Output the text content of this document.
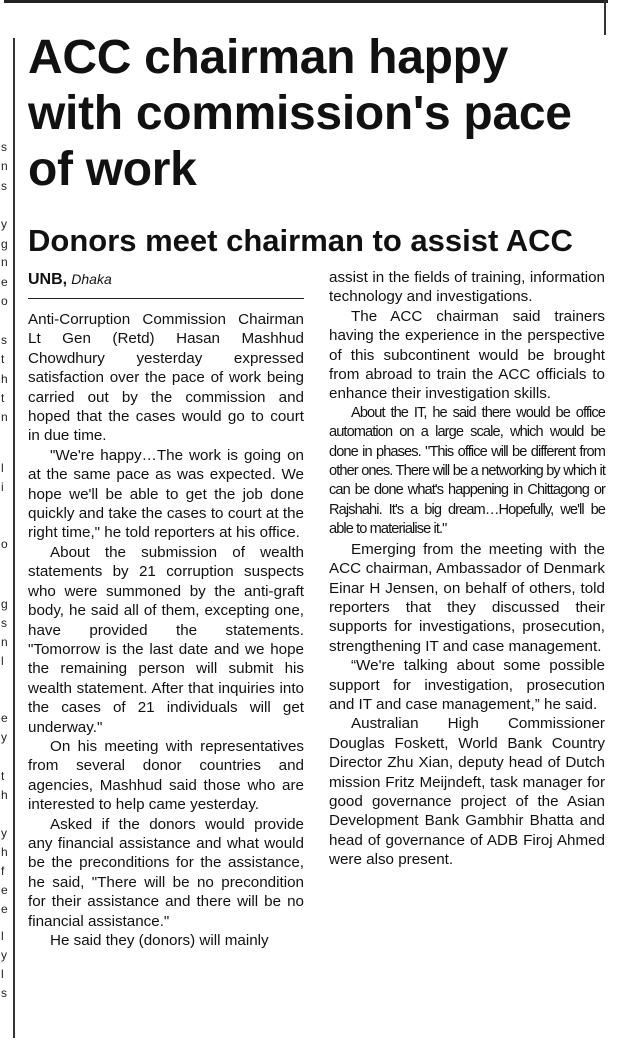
s
n
s
y
g
n
e
o
s
t
h
t
n
l
i
o
g
s
n
l
e
y
t
h
y
h
f
e
e
l
y
l
s
ACC chairman happy with commission's pace of work
Donors meet chairman to assist ACC
UNB, Dhaka

Anti-Corruption Commission Chairman Lt Gen (Retd) Hasan Mashhud Chowdhury yesterday expressed satisfaction over the pace of work being carried out by the commission and hoped that the cases would go to court in due time.

"We're happy…The work is going on at the same pace as was expected. We hope we'll be able to get the job done quickly and take the cases to court at the right time," he told reporters at his office.

About the submission of wealth statements by 21 corruption suspects who were summoned by the anti-graft body, he said all of them, excepting one, have provided the statements. "Tomorrow is the last date and we hope the remaining person will submit his wealth statement. After that inquiries into the cases of 21 individuals will get underway."

On his meeting with representatives from several donor countries and agencies, Mashhud said those who are interested to help came yesterday.

Asked if the donors would provide any financial assistance and what would be the preconditions for the assistance, he said, "There will be no precondition for their assistance and there will be no financial assistance."

He said they (donors) will mainly

assist in the fields of training, information technology and investigations.

The ACC chairman said trainers having the experience in the perspective of this subcontinent would be brought from abroad to train the ACC officials to enhance their investigation skills.

About the IT, he said there would be office automation on a large scale, which would be done in phases. "This office will be different from other ones. There will be a networking by which it can be done what's happening in Chittagong or Rajshahi. It's a big dream…Hopefully, we'll be able to materialise it."

Emerging from the meeting with the ACC chairman, Ambassador of Denmark Einar H Jensen, on behalf of others, told reporters that they discussed their supports for investigations, prosecution, strengthening IT and case management.

“We're talking about some possible support for investigation, prosecution and IT and case management,” he said.

Australian High Commissioner Douglas Foskett, World Bank Country Director Zhu Xian, deputy head of Dutch mission Fritz Meijndeft, task manager for good governance project of the Asian Development Bank Gambhir Bhatta and head of governance of ADB Firoj Ahmed were also present.
